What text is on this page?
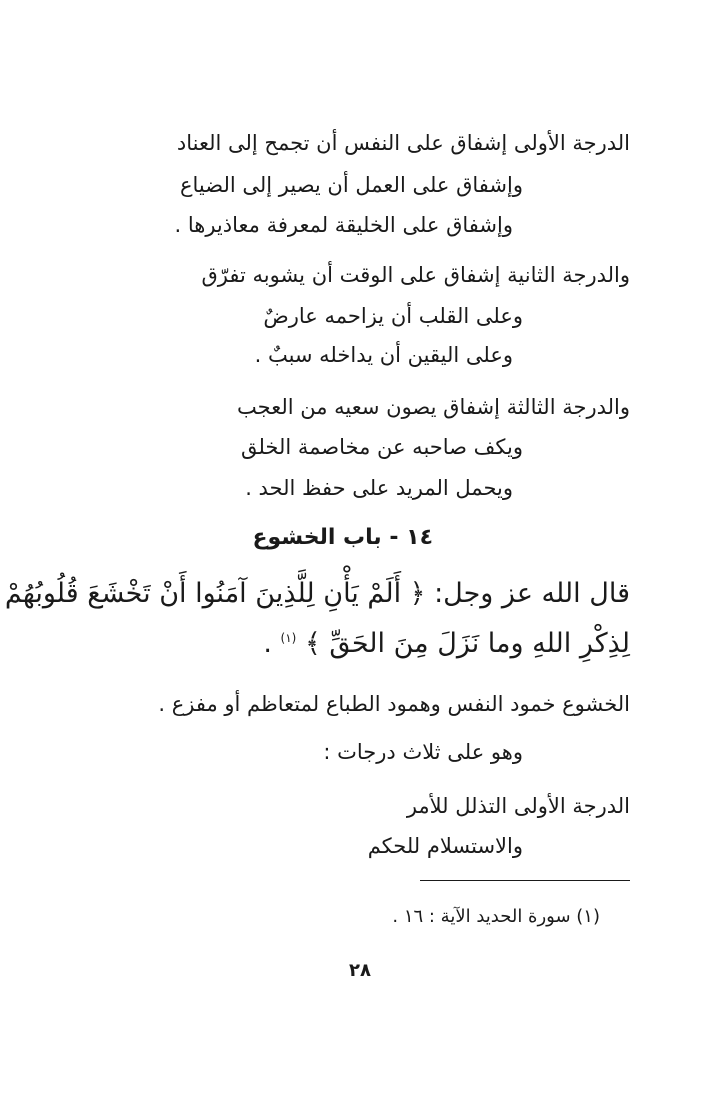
الدرجة الأولى إشفاق على النفس أن تجمح إلى العناد
وإشفاق على العمل أن يصير إلى الضياع
وإشفاق على الخليقة لمعرفة معاذيرها .
والدرجة الثانية إشفاق على الوقت أن يشوبه تفرّق
وعلى القلب أن يزاحمه عارضٌ
وعلى اليقين أن يداخله سببٌ .
والدرجة الثالثة إشفاق يصون سعيه من العجب
ويكف صاحبه عن مخاصمة الخلق
ويحمل المريد على حفظ الحد .
١٤ - باب الخشوع
قال الله عز وجل: ﴿ أَلَمْ يَأْنِ لِلَّذِينَ آمَنُوا أَنْ تَخْشَعَ قُلُوبُهُمْ
لِذِكْرِ اللهِ وما نَزَلَ مِنَ الحَقِّ ﴾ $^{(١)}$ .
الخشوع خمود النفس وهمود الطباع لمتعاظم أو مفزع .
وهو على ثلاث درجات :
الدرجة الأولى التذلل للأمر
والاستسلام للحكم
(١) سورة الحديد الآية : ١٦ .
٢٨
